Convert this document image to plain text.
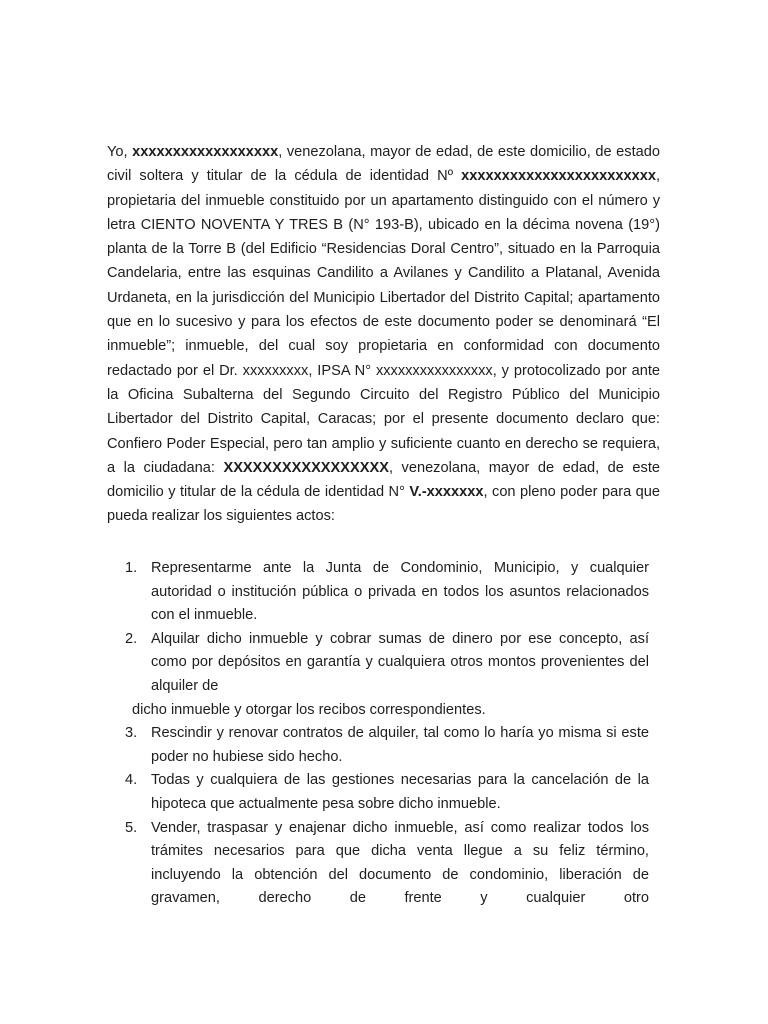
Yo, xxxxxxxxxxxxxxxxxx, venezolana, mayor de edad, de este domicilio, de estado civil soltera y titular de la cédula de identidad Nº xxxxxxxxxxxxxxxxxxxxxxxx, propietaria del inmueble constituido por un apartamento distinguido con el número y letra CIENTO NOVENTA Y TRES B (N° 193-B), ubicado en la décima novena (19°) planta de la Torre B (del Edificio “Residencias Doral Centro”, situado en la Parroquia Candelaria, entre las esquinas Candilito a Avilanes y Candilito a Platanal, Avenida Urdaneta, en la jurisdicción del Municipio Libertador del Distrito Capital; apartamento que en lo sucesivo y para los efectos de este documento poder se denominará “El inmueble”; inmueble, del cual soy propietaria en conformidad con documento redactado por el Dr. xxxxxxxxx, IPSA N° xxxxxxxxxxxxxxxx, y protocolizado por ante la Oficina Subalterna del Segundo Circuito del Registro Público del Municipio Libertador del Distrito Capital, Caracas; por el presente documento declaro que: Confiero Poder Especial, pero tan amplio y suficiente cuanto en derecho se requiera, a la ciudadana: XXXXXXXXXXXXXXXXX, venezolana, mayor de edad, de este domicilio y titular de la cédula de identidad N° V.-xxxxxxx, con pleno poder para que pueda realizar los siguientes actos:

1. Representarme ante la Junta de Condominio, Municipio, y cualquier autoridad o institución pública o privada en todos los asuntos relacionados con el inmueble.
2. Alquilar dicho inmueble y cobrar sumas de dinero por ese concepto, así como por depósitos en garantía y cualquiera otros montos provenientes del alquiler de
dicho inmueble y otorgar los recibos correspondientes.
3. Rescindir y renovar contratos de alquiler, tal como lo haría yo misma si este poder no hubiese sido hecho.
4. Todas y cualquiera de las gestiones necesarias para la cancelación de la hipoteca que actualmente pesa sobre dicho inmueble.
5. Vender, traspasar y enajenar dicho inmueble, así como realizar todos los trámites necesarios para que dicha venta llegue a su feliz término, incluyendo la obtención del documento de condominio, liberación de gravamen, derecho de frente y cualquier otro
